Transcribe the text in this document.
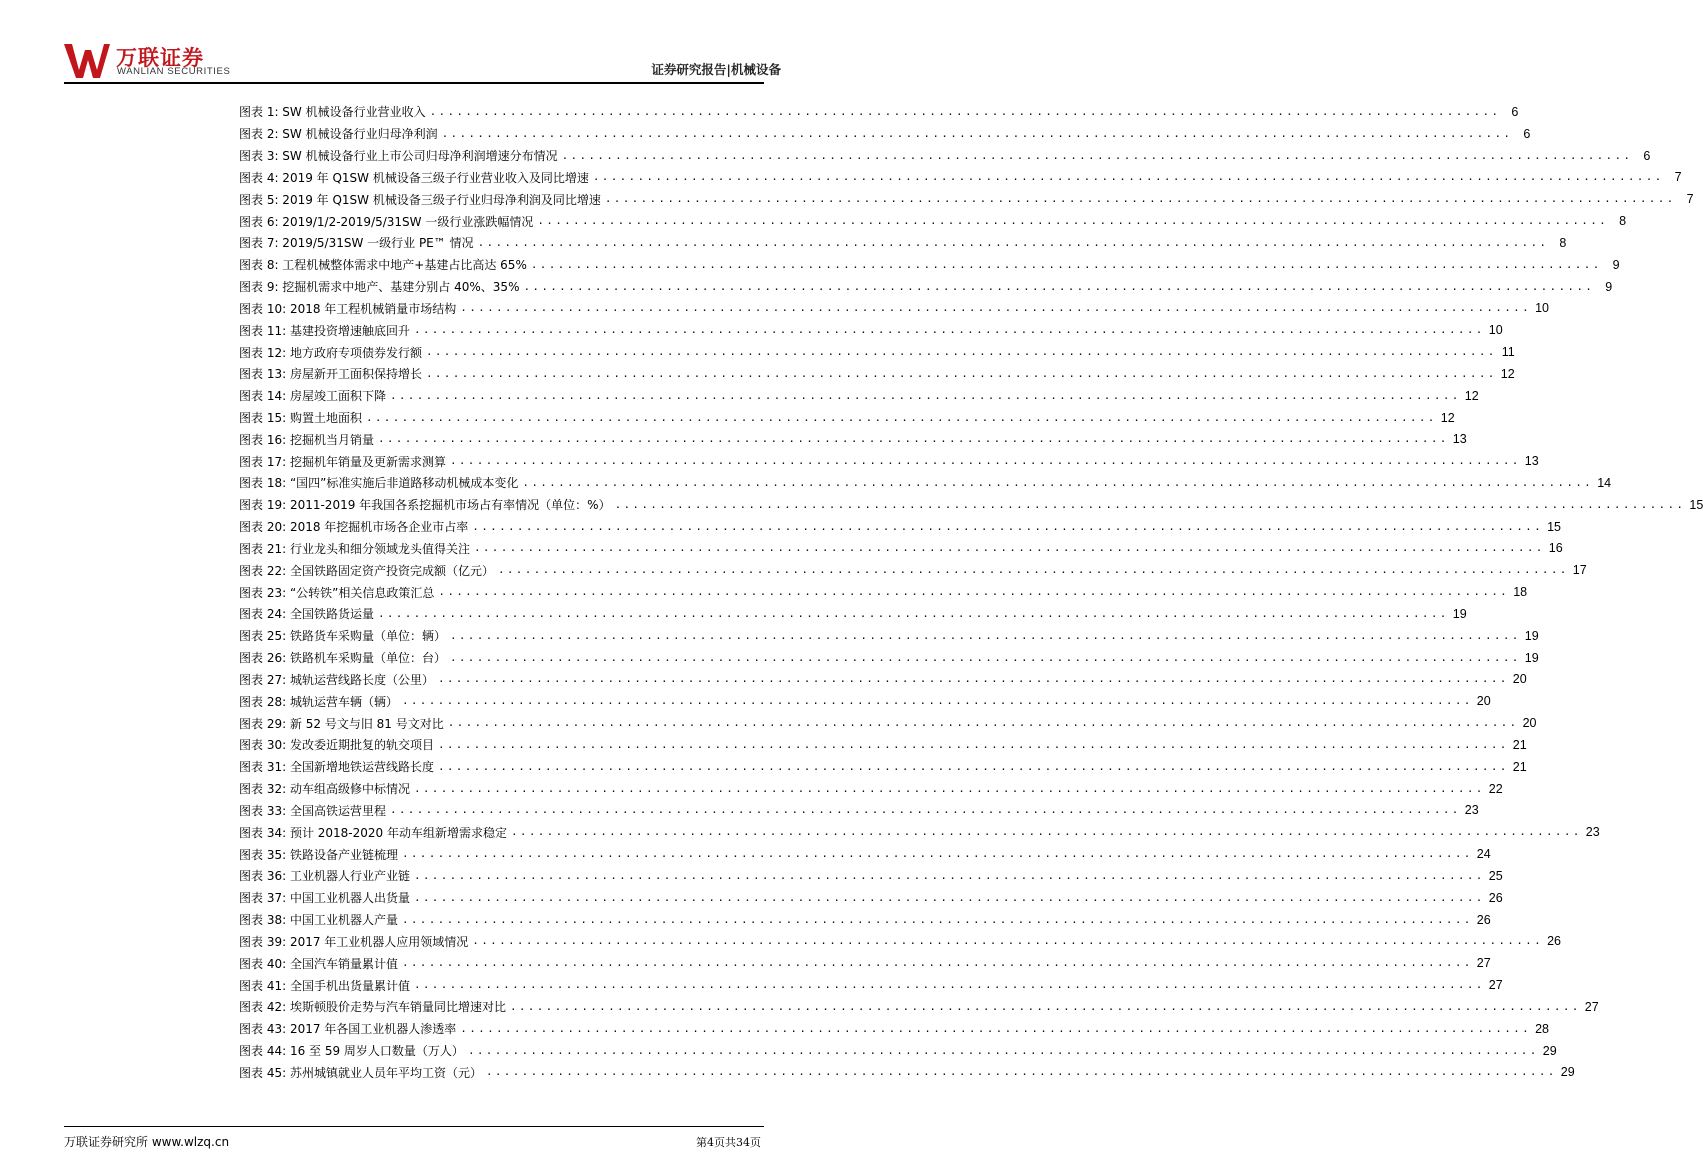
万联证券
WANLIAN SECURITIES	证券研究报告|机械设备
图表 1: SW 机械设备行业营业收入 ........................................................................................................................ 6
图表 2: SW 机械设备行业归母净利润 ........................................................................................................................ 6
图表 3: SW 机械设备行业上市公司归母净利润增速分布情况 ........................................................................................................................ 6
图表 4: 2019 年 Q1SW 机械设备三级子行业营业收入及同比增速 ........................................................................................................................ 7
图表 5: 2019 年 Q1SW 机械设备三级子行业归母净利润及同比增速 ........................................................................................................................ 7
图表 6: 2019/1/2-2019/5/31SW 一级行业涨跌幅情况 ........................................................................................................................ 8
图表 7: 2019/5/31SW 一级行业 PE™ 情况 ........................................................................................................................ 8
图表 8: 工程机械整体需求中地产+基建占比高达 65% ........................................................................................................................ 9
图表 9: 挖掘机需求中地产、基建分别占 40%、35% ........................................................................................................................ 9
图表 10: 2018 年工程机械销量市场结构 ........................................................................................................................ 10
图表 11: 基建投资增速触底回升 ........................................................................................................................ 10
图表 12: 地方政府专项债券发行额 ........................................................................................................................ 11
图表 13: 房屋新开工面积保持增长 ........................................................................................................................ 12
图表 14: 房屋竣工面积下降 ........................................................................................................................ 12
图表 15: 购置土地面积 ........................................................................................................................ 12
图表 16: 挖掘机当月销量 ........................................................................................................................ 13
图表 17: 挖掘机年销量及更新需求测算 ........................................................................................................................ 13
图表 18: “国四”标准实施后非道路移动机械成本变化 ........................................................................................................................ 14
图表 19: 2011-2019 年我国各系挖掘机市场占有率情况（单位：%） ........................................................................................................................ 15
图表 20: 2018 年挖掘机市场各企业市占率 ........................................................................................................................ 15
图表 21: 行业龙头和细分领域龙头值得关注 ........................................................................................................................ 16
图表 22: 全国铁路固定资产投资完成额（亿元） ........................................................................................................................ 17
图表 23: “公转铁”相关信息政策汇总 ........................................................................................................................ 18
图表 24: 全国铁路货运量 ........................................................................................................................ 19
图表 25: 铁路货车采购量（单位：辆） ........................................................................................................................ 19
图表 26: 铁路机车采购量（单位：台） ........................................................................................................................ 19
图表 27: 城轨运营线路长度（公里） ........................................................................................................................ 20
图表 28: 城轨运营车辆（辆） ........................................................................................................................ 20
图表 29: 新 52 号文与旧 81 号文对比 ........................................................................................................................ 20
图表 30: 发改委近期批复的轨交项目 ........................................................................................................................ 21
图表 31: 全国新增地铁运营线路长度 ........................................................................................................................ 21
图表 32: 动车组高级修中标情况 ........................................................................................................................ 22
图表 33: 全国高铁运营里程 ........................................................................................................................ 23
图表 34: 预计 2018-2020 年动车组新增需求稳定 ........................................................................................................................ 23
图表 35: 铁路设备产业链梳理 ........................................................................................................................ 24
图表 36: 工业机器人行业产业链 ........................................................................................................................ 25
图表 37: 中国工业机器人出货量 ........................................................................................................................ 26
图表 38: 中国工业机器人产量 ........................................................................................................................ 26
图表 39: 2017 年工业机器人应用领域情况 ........................................................................................................................ 26
图表 40: 全国汽车销量累计值 ........................................................................................................................ 27
图表 41: 全国手机出货量累计值 ........................................................................................................................ 27
图表 42: 埃斯顿股价走势与汽车销量同比增速对比 ........................................................................................................................ 27
图表 43: 2017 年各国工业机器人渗透率 ........................................................................................................................ 28
图表 44: 16 至 59 周岁人口数量（万人） ........................................................................................................................ 29
图表 45: 苏州城镇就业人员年平均工资（元） ........................................................................................................................ 29
万联证券研究所 www.wlzq.cn	第4页共34页
